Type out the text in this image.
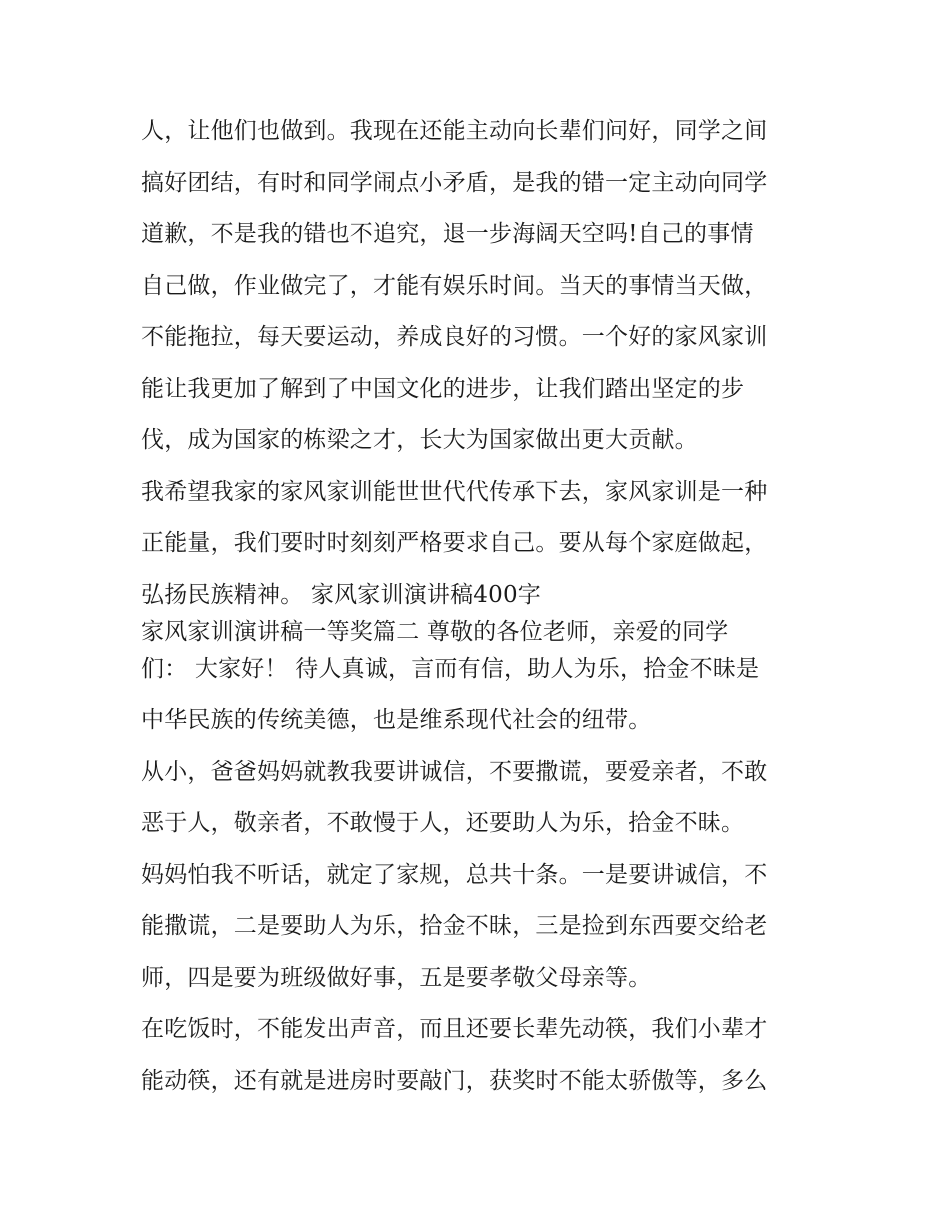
人，让他们也做到。我现在还能主动向长辈们问好，同学之间
搞好团结，有时和同学闹点小矛盾，是我的错一定主动向同学
道歉，不是我的错也不追究，退一步海阔天空吗!自己的事情
自己做，作业做完了，才能有娱乐时间。当天的事情当天做，
不能拖拉，每天要运动，养成良好的习惯。一个好的家风家训
能让我更加了解到了中国文化的进步，让我们踏出坚定的步
伐，成为国家的栋梁之才，长大为国家做出更大贡献。
我希望我家的家风家训能世世代代传承下去，家风家训是一种
正能量，我们要时时刻刻严格要求自己。要从每个家庭做起，
弘扬民族精神。 家风家训演讲稿400字
家风家训演讲稿一等奖篇二 尊敬的各位老师，亲爱的同学
们： 大家好！ 待人真诚，言而有信，助人为乐，拾金不昧是
中华民族的传统美德，也是维系现代社会的纽带。
从小，爸爸妈妈就教我要讲诚信，不要撒谎，要爱亲者，不敢
恶于人，敬亲者，不敢慢于人，还要助人为乐，拾金不昧。
妈妈怕我不听话，就定了家规，总共十条。一是要讲诚信，不
能撒谎，二是要助人为乐，拾金不昧，三是捡到东西要交给老
师，四是要为班级做好事，五是要孝敬父母亲等。
在吃饭时，不能发出声音，而且还要长辈先动筷，我们小辈才
能动筷，还有就是进房时要敲门，获奖时不能太骄傲等，多么
